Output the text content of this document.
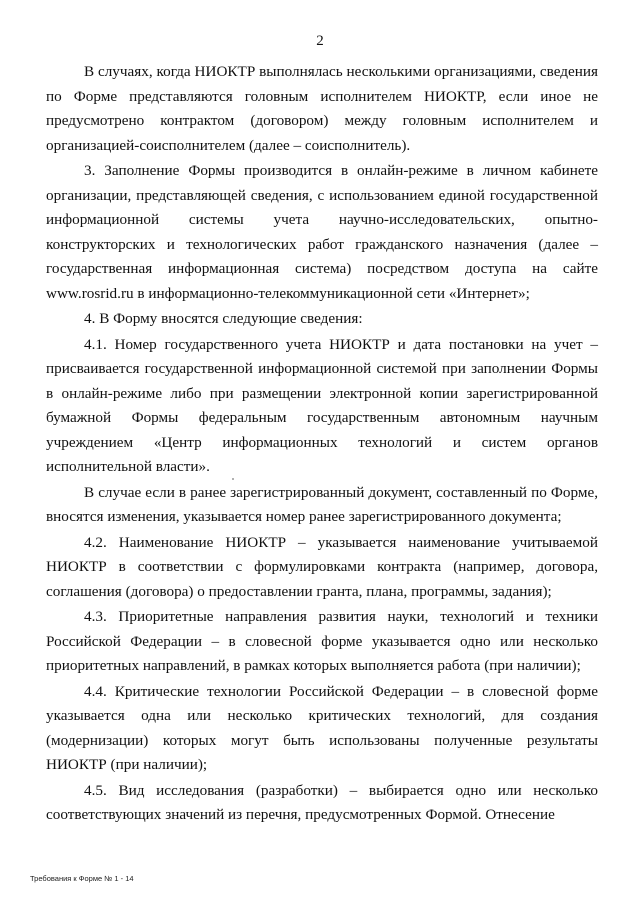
2

В случаях, когда НИОКТР выполнялась несколькими организациями, сведения по Форме представляются головным исполнителем НИОКТР, если иное не предусмотрено контрактом (договором) между головным исполнителем и организацией-соисполнителем (далее – соисполнитель).

3. Заполнение Формы производится в онлайн-режиме в личном кабинете организации, представляющей сведения, с использованием единой государственной информационной системы учета научно-исследовательских, опытно-конструкторских и технологических работ гражданского назначения (далее – государственная информационная система) посредством доступа на сайте www.rosrid.ru в информационно-телекоммуникационной сети «Интернет»;

4. В Форму вносятся следующие сведения:

4.1. Номер государственного учета НИОКТР и дата постановки на учет – присваивается государственной информационной системой при заполнении Формы в онлайн-режиме либо при размещении электронной копии зарегистрированной бумажной Формы федеральным государственным автономным научным учреждением «Центр информационных технологий и систем органов исполнительной власти».

В случае если в ранее зарегистрированный документ, составленный по Форме, вносятся изменения, указывается номер ранее зарегистрированного документа;

4.2. Наименование НИОКТР – указывается наименование учитываемой НИОКТР в соответствии с формулировками контракта (например, договора, соглашения (договора) о предоставлении гранта, плана, программы, задания);

4.3. Приоритетные направления развития науки, технологий и техники Российской Федерации – в словесной форме указывается одно или несколько приоритетных направлений, в рамках которых выполняется работа (при наличии);

4.4. Критические технологии Российской Федерации – в словесной форме указывается одна или несколько критических технологий, для создания (модернизации) которых могут быть использованы полученные результаты НИОКТР (при наличии);

4.5. Вид исследования (разработки) – выбирается одно или несколько соответствующих значений из перечня, предусмотренных Формой. Отнесение

Требования к Форме № 1 - 14
